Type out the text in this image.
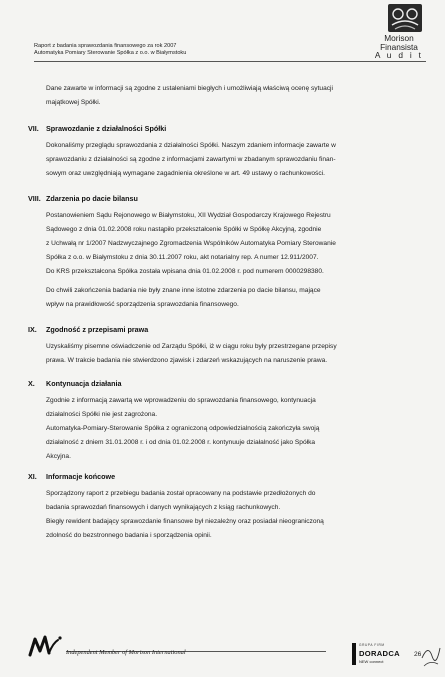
Raport z badania sprawozdania finansowego za rok 2007
Automatyka Pomiary Sterowanie Spółka z o.o. w Białymstoku
Morison
Finansista
A u d i t
Dane zawarte w informacji są zgodne z ustaleniami biegłych i umożliwiają właściwą ocenę sytuacji
majątkowej Spółki.
VII. Sprawozdanie z działalności Spółki
Dokonaliśmy przeglądu sprawozdania z działalności Spółki. Naszym zdaniem informacje zawarte w
sprawozdaniu z działalności są zgodne z informacjami zawartymi w zbadanym sprawozdaniu finan-
sowym oraz uwzględniają wymagane zagadnienia określone w art. 49 ustawy o rachunkowości.
VIII. Zdarzenia po dacie bilansu
Postanowieniem Sądu Rejonowego w Białymstoku, XII Wydział Gospodarczy Krajowego Rejestru
Sądowego z dnia 01.02.2008 roku nastąpiło przekształcenie Spółki w Spółkę Akcyjną, zgodnie
z Uchwałą nr 1/2007 Nadzwyczajnego Zgromadzenia Wspólników Automatyka Pomiary Sterowanie
Spółka z o.o. w Białymstoku z dnia 30.11.2007 roku, akt notarialny rep. A numer 12.911/2007.
Do KRS przekształcona Spółka została wpisana dnia 01.02.2008 r. pod numerem 0000298380.
Do chwili zakończenia badania nie były znane inne istotne zdarzenia po dacie bilansu, mające
wpływ na prawidłowość sporządzenia sprawozdania finansowego.
IX. Zgodność z przepisami prawa
Uzyskaliśmy pisemne oświadczenie od Zarządu Spółki, iż w ciągu roku były przestrzegane przepisy
prawa. W trakcie badania nie stwierdzono zjawisk i zdarzeń wskazujących na naruszenie prawa.
X. Kontynuacja działania
Zgodnie z informacją zawartą we wprowadzeniu do sprawozdania finansowego, kontynuacja
działalności Spółki nie jest zagrożona.
Automatyka-Pomiary-Sterowanie Spółka z ograniczoną odpowiedzialnością zakończyła swoją
działalność z dniem 31.01.2008 r. i od dnia 01.02.2008 r. kontynuuje działalność jako Spółka
Akcyjna.
XI. Informacje końcowe
Sporządzony raport z przebiegu badania został opracowany na podstawie przedłożonych do
badania sprawozdań finansowych i danych wynikających z ksiąg rachunkowych.
Biegły rewident badający sprawozdanie finansowe był niezależny oraz posiadał nieograniczoną
zdolność do bezstronnego badania i sporządzenia opinii.
Independent Member of Morison International
GRUPA FIRM
DORADCA
NEW connect
26
